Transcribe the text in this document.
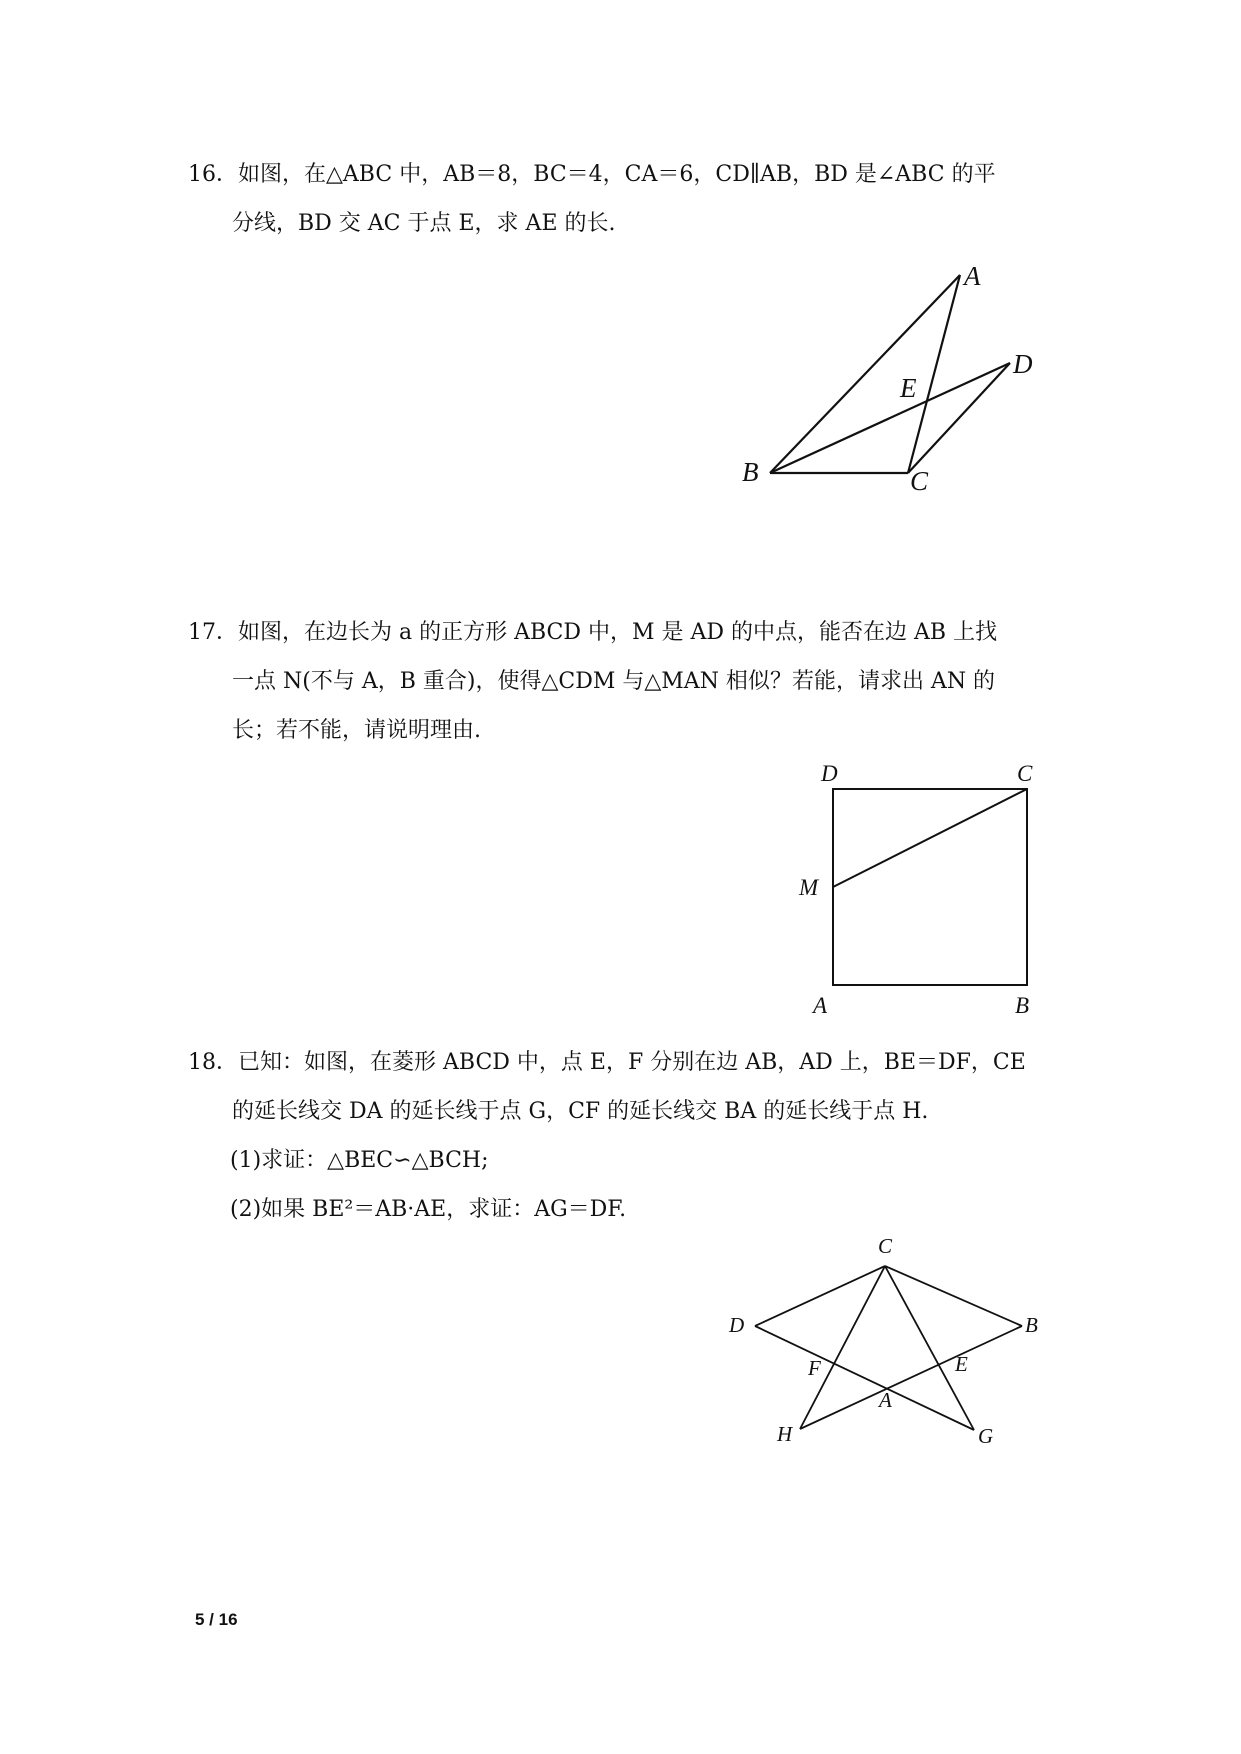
16．如图，在△ABC 中，AB＝8，BC＝4，CA＝6，CD∥AB，BD 是∠ABC 的平
分线，BD 交 AC 于点 E，求 AE 的长.
A
D
E
B	C
17．如图，在边长为 a 的正方形 ABCD 中，M 是 AD 的中点，能否在边 AB 上找
一点 N(不与 A，B 重合)，使得△CDM 与△MAN 相似？若能，请求出 AN 的
长；若不能，请说明理由.
D	C
M
A	B
18．已知：如图，在菱形 ABCD 中，点 E，F 分别在边 AB，AD 上，BE＝DF，CE
的延长线交 DA 的延长线于点 G，CF 的延长线交 BA 的延长线于点 H.
(1)求证：△BEC∽△BCH;
(2)如果 BE²＝AB·AE，求证：AG＝DF.
C
D	B
F	E
A
H	G
5 / 16
